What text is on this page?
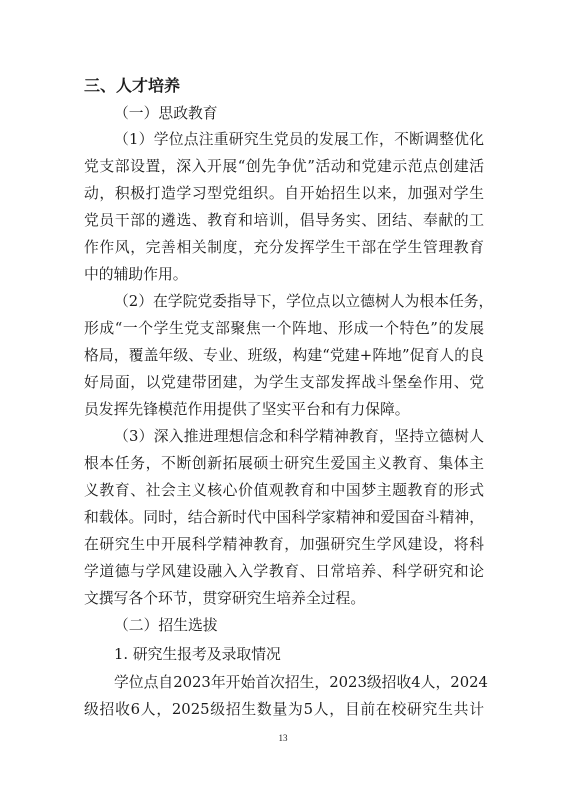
三、人才培养
（一）思政教育
（1）学位点注重研究生党员的发展工作，不断调整优化
党支部设置，深入开展“创先争优”活动和党建示范点创建活
动，积极打造学习型党组织。自开始招生以来，加强对学生
党员干部的遴选、教育和培训，倡导务实、团结、奉献的工
作作风，完善相关制度，充分发挥学生干部在学生管理教育
中的辅助作用。
（2）在学院党委指导下，学位点以立德树人为根本任务，
形成“一个学生党支部聚焦一个阵地、形成一个特色”的发展
格局，覆盖年级、专业、班级，构建“党建+阵地”促育人的良
好局面，以党建带团建，为学生支部发挥战斗堡垒作用、党
员发挥先锋模范作用提供了坚实平台和有力保障。
（3）深入推进理想信念和科学精神教育，坚持立德树人
根本任务，不断创新拓展硕士研究生爱国主义教育、集体主
义教育、社会主义核心价值观教育和中国梦主题教育的形式
和载体。同时，结合新时代中国科学家精神和爱国奋斗精神，
在研究生中开展科学精神教育，加强研究生学风建设，将科
学道德与学风建设融入入学教育、日常培养、科学研究和论
文撰写各个环节，贯穿研究生培养全过程。
（二）招生选拔
1. 研究生报考及录取情况
学位点自2023年开始首次招生，2023级招收4人，2024
级招收6人，2025级招生数量为5人，目前在校研究生共计
13
